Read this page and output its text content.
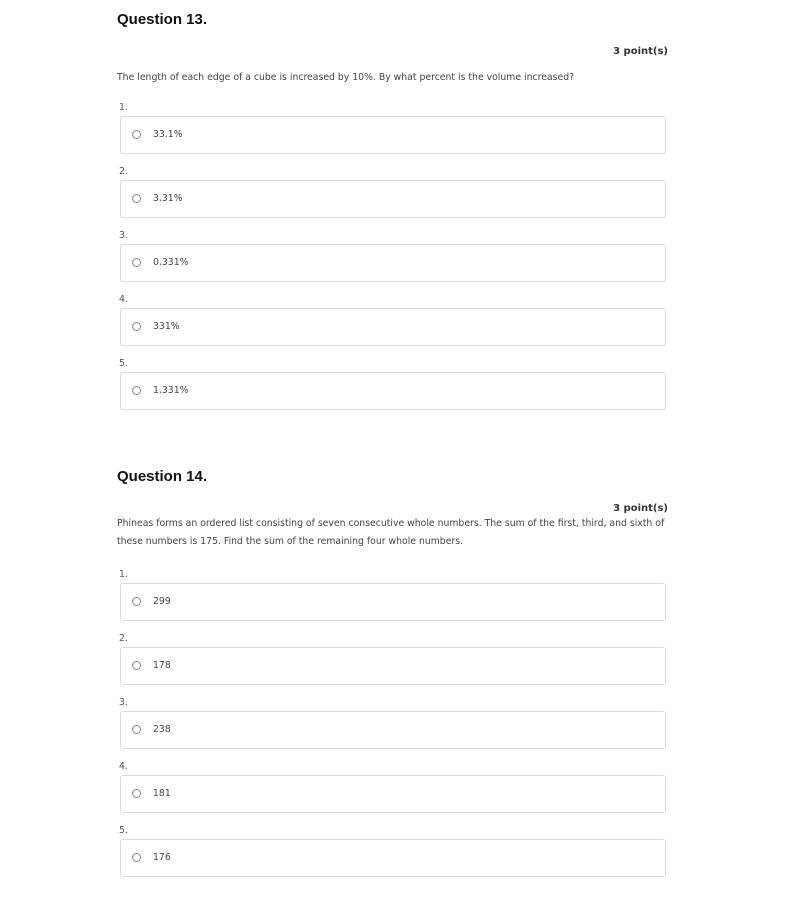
Question 13.
3 point(s)
The length of each edge of a cube is increased by 10%. By what percent is the volume increased?
1.
33.1%
2.
3.31%
3.
0.331%
4.
331%
5.
1.331%
Question 14.
3 point(s)
Phineas forms an ordered list consisting of seven consecutive whole numbers. The sum of the first, third, and sixth of these numbers is 175. Find the sum of the remaining four whole numbers.
1.
299
2.
178
3.
238
4.
181
5.
176
